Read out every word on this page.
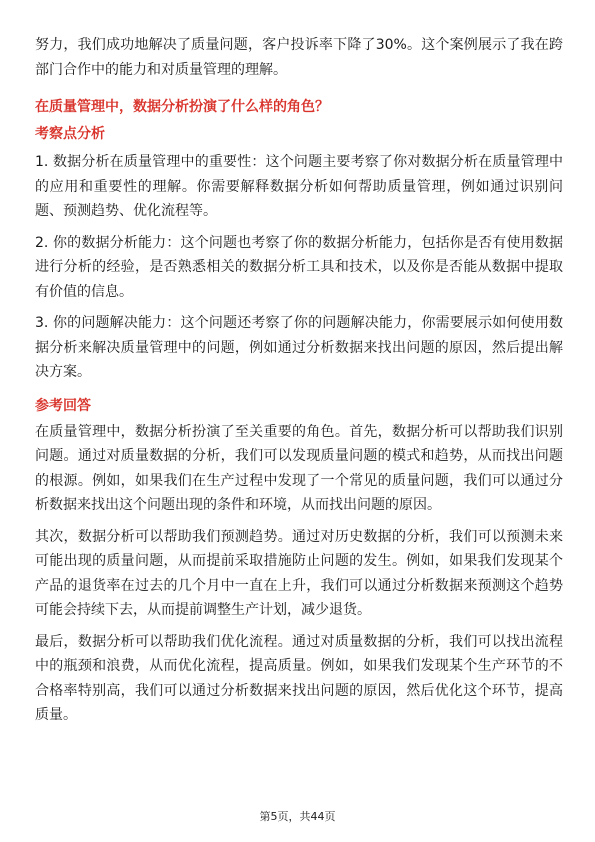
努力，我们成功地解决了质量问题，客户投诉率下降了30%。这个案例展示了我在跨部门合作中的能力和对质量管理的理解。

在质量管理中，数据分析扮演了什么样的角色？
考察点分析

1. 数据分析在质量管理中的重要性：这个问题主要考察了你对数据分析在质量管理中的应用和重要性的理解。你需要解释数据分析如何帮助质量管理，例如通过识别问题、预测趋势、优化流程等。

2. 你的数据分析能力：这个问题也考察了你的数据分析能力，包括你是否有使用数据进行分析的经验，是否熟悉相关的数据分析工具和技术，以及你是否能从数据中提取有价值的信息。

3. 你的问题解决能力：这个问题还考察了你的问题解决能力，你需要展示如何使用数据分析来解决质量管理中的问题，例如通过分析数据来找出问题的原因，然后提出解决方案。

参考回答

在质量管理中，数据分析扮演了至关重要的角色。首先，数据分析可以帮助我们识别问题。通过对质量数据的分析，我们可以发现质量问题的模式和趋势，从而找出问题的根源。例如，如果我们在生产过程中发现了一个常见的质量问题，我们可以通过分析数据来找出这个问题出现的条件和环境，从而找出问题的原因。

其次，数据分析可以帮助我们预测趋势。通过对历史数据的分析，我们可以预测未来可能出现的质量问题，从而提前采取措施防止问题的发生。例如，如果我们发现某个产品的退货率在过去的几个月中一直在上升，我们可以通过分析数据来预测这个趋势可能会持续下去，从而提前调整生产计划，减少退货。

最后，数据分析可以帮助我们优化流程。通过对质量数据的分析，我们可以找出流程中的瓶颈和浪费，从而优化流程，提高质量。例如，如果我们发现某个生产环节的不合格率特别高，我们可以通过分析数据来找出问题的原因，然后优化这个环节，提高质量。

第5页，共44页
